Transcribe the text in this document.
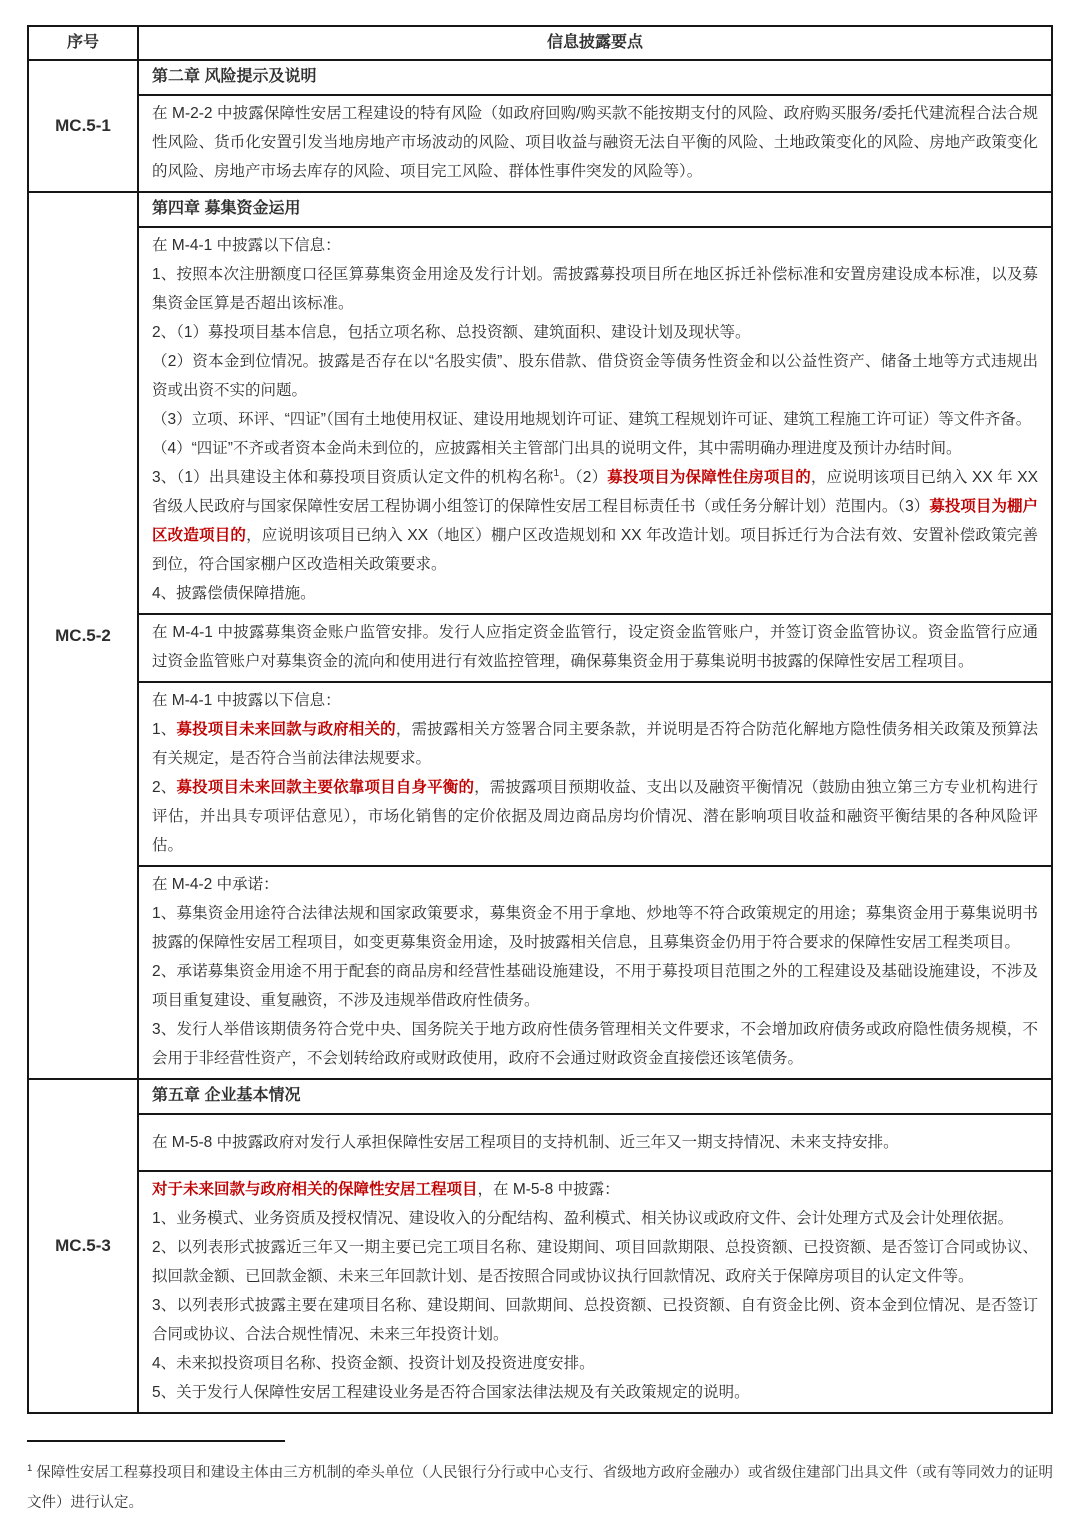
序号	信息披露要点
MC.5-1
第二章 风险提示及说明

在 M-2-2 中披露保障性安居工程建设的特有风险（如政府回购/购买款不能按期支付的风险、政府购买服务/委托代建流程合法合规性风险、货币化安置引发当地房地产市场波动的风险、项目收益与融资无法自平衡的风险、土地政策变化的风险、房地产政策变化的风险、房地产市场去库存的风险、项目完工风险、群体性事件突发的风险等）。

MC.5-2
第四章 募集资金运用

在 M-4-1 中披露以下信息：

1、按照本次注册额度口径匡算募集资金用途及发行计划。需披露募投项目所在地区拆迁补偿标准和安置房建设成本标准，以及募集资金匡算是否超出该标准。

2、（1）募投项目基本信息，包括立项名称、总投资额、建筑面积、建设计划及现状等。

（2）资本金到位情况。披露是否存在以“名股实债”、股东借款、借贷资金等债务性资金和以公益性资产、储备土地等方式违规出资或出资不实的问题。

（3）立项、环评、“四证”（国有土地使用权证、建设用地规划许可证、建筑工程规划许可证、建筑工程施工许可证）等文件齐备。

（4）“四证”不齐或者资本金尚未到位的，应披露相关主管部门出具的说明文件，其中需明确办理进度及预计办结时间。

3、（1）出具建设主体和募投项目资质认定文件的机构名称$^1$。（2）募投项目为保障性住房项目的，应说明该项目已纳入 XX 年 XX 省级人民政府与国家保障性安居工程协调小组签订的保障性安居工程目标责任书（或任务分解计划）范围内。（3）募投项目为棚户区改造项目的，应说明该项目已纳入 XX（地区）棚户区改造规划和 XX 年改造计划。项目拆迁行为合法有效、安置补偿政策完善到位，符合国家棚户区改造相关政策要求。

4、披露偿债保障措施。

在 M-4-1 中披露募集资金账户监管安排。发行人应指定资金监管行，设定资金监管账户，并签订资金监管协议。资金监管行应通过资金监管账户对募集资金的流向和使用进行有效监控管理，确保募集资金用于募集说明书披露的保障性安居工程项目。

在 M-4-1 中披露以下信息：

1、募投项目未来回款与政府相关的，需披露相关方签署合同主要条款，并说明是否符合防范化解地方隐性债务相关政策及预算法有关规定，是否符合当前法律法规要求。

2、募投项目未来回款主要依靠项目自身平衡的，需披露项目预期收益、支出以及融资平衡情况（鼓励由独立第三方专业机构进行评估，并出具专项评估意见），市场化销售的定价依据及周边商品房均价情况、潜在影响项目收益和融资平衡结果的各种风险评估。

在 M-4-2 中承诺：

1、募集资金用途符合法律法规和国家政策要求，募集资金不用于拿地、炒地等不符合政策规定的用途；募集资金用于募集说明书披露的保障性安居工程项目，如变更募集资金用途，及时披露相关信息，且募集资金仍用于符合要求的保障性安居工程类项目。

2、承诺募集资金用途不用于配套的商品房和经营性基础设施建设，不用于募投项目范围之外的工程建设及基础设施建设，不涉及项目重复建设、重复融资，不涉及违规举借政府性债务。

3、发行人举借该期债务符合党中央、国务院关于地方政府性债务管理相关文件要求，不会增加政府债务或政府隐性债务规模，不会用于非经营性资产，不会划转给政府或财政使用，政府不会通过财政资金直接偿还该笔债务。

MC.5-3
第五章 企业基本情况

在 M-5-8 中披露政府对发行人承担保障性安居工程项目的支持机制、近三年又一期支持情况、未来支持安排。

对于未来回款与政府相关的保障性安居工程项目，在 M-5-8 中披露：

1、业务模式、业务资质及授权情况、建设收入的分配结构、盈利模式、相关协议或政府文件、会计处理方式及会计处理依据。

2、以列表形式披露近三年又一期主要已完工项目名称、建设期间、项目回款期限、总投资额、已投资额、是否签订合同或协议、拟回款金额、已回款金额、未来三年回款计划、是否按照合同或协议执行回款情况、政府关于保障房项目的认定文件等。

3、以列表形式披露主要在建项目名称、建设期间、回款期间、总投资额、已投资额、自有资金比例、资本金到位情况、是否签订合同或协议、合法合规性情况、未来三年投资计划。

4、未来拟投资项目名称、投资金额、投资计划及投资进度安排。

5、关于发行人保障性安居工程建设业务是否符合国家法律法规及有关政策规定的说明。

$^1$ 保障性安居工程募投项目和建设主体由三方机制的牵头单位（人民银行分行或中心支行、省级地方政府金融办）或省级住建部门出具文件（或有等同效力的证明文件）进行认定。
